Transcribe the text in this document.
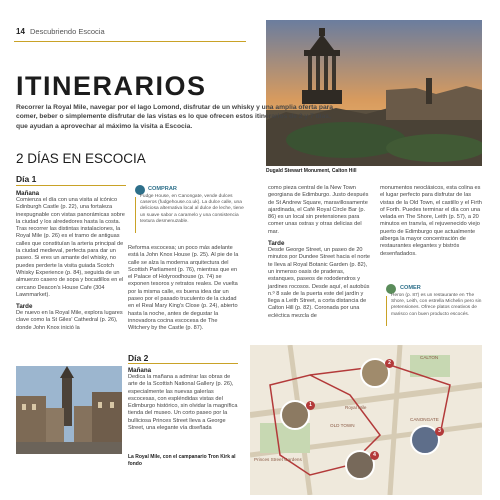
14 Descubriendo Escocia
Dugald Stewart Monument, Calton Hill
ITINERARIOS
Recorrer la Royal Mile, navegar por el lago Lomond, disfrutar de un whisky y una amplia oferta para comer, beber o simplemente disfrutar de las vistas es lo que ofrecen estos itinerarios de 2 y 7 días, que ayudan a aprovechar al máximo la visita a Escocia.
2 DÍAS EN ESCOCIA
Día 1
Mañana
Comienza el día con una visita al icónico Edinburgh Castle (p. 22), una fortaleza inexpugnable con vistas panorámicas sobre la ciudad y los alrededores hasta la costa. Tras recorrer las distintas instalaciones, la Royal Mile (p. 26) es el tramo de antiguas calles que constituían la arteria principal de la ciudad medieval, perfecta para dar un paseo. Si eres un amante del whisky, no puedes perderte la visita guiada Scotch Whisky Experience (p. 84), seguida de un almuerzo casero de sopa y bocadillos en el cercano Deacon's House Cafe (304 Lawnmarket).
Tarde
De nuevo en la Royal Mile, explora lugares clave como la St Giles' Cathedral (p. 26), donde John Knox inició la
COMPRAR
Fudge House, en Canongate, vende dulces caseros (fudgehouse.co.uk). La dulce calle, una deliciosa alternativa local al dulce de leche, tiene un suave sabor a caramelo y una consistencia textura desmenuzable.
Reforma escocesa; un poco más adelante está la John Knox House (p. 25). Al pie de la calle se alza la moderna arquitectura del Scottish Parliament (p. 76), mientras que en el Palace of Holyroodhouse (p. 74) se exponen tesoros y retratos reales. De vuelta por la misma calle, es buena idea dar un paseo por el pasado truculento de la ciudad en el Real Mary King's Close (p. 24), abierto hasta la noche, antes de degustar la innovadora cocina escocesa de The Witchery by the Castle (p. 87).
Día 2
Mañana
Dedica la mañana a admirar las obras de arte de la Scottish National Gallery (p. 26), especialmente las nuevas galerías escocesas, con espléndidas vistas del Edimburgo histórico, sin olvidar la magnífica tienda del museo. Un corto paseo por la bulliciosa Princes Street lleva a George Street, una elegante vía diseñada
como pieza central de la New Town georgiana de Edimburgo. Justo después de St Andrew Square, maravillosamente ajardinada, el Café Royal Circle Bar (p. 86) es un local sin pretensiones para comer unas ostras y otras delicias del mar.
Tarde
Desde George Street, un paseo de 20 minutos por Dundee Street hacia el norte te lleva al Royal Botanic Garden (p. 82), un inmenso oasis de praderas, estanques, paseos de rododendros y jardines rocosos. Desde aquí, el autobús n.º 8 sale de la puerta este del jardín y llega a Leith Street, a corta distancia de Calton Hill (p. 82). Coronada por una ecléctica mezcla de
monumentos neoclásicos, esta colina es el lugar perfecto para disfrutar de las vistas de la Old Town, el castillo y el Firth of Forth. Puedes terminar el día con una velada en The Shore, Leith (p. 57), a 20 minutos en tranvía, el rejuvenecido viejo puerto de Edimburgo que actualmente alberga la mayor concentración de restaurantes elegantes y bistrós desenfadados.
COMER
Heron (p. 87) es un restaurante en The Shore, Leith, con estrella Michelin pero sin pretensiones. Ofrece platos creativos de marisco con buen producto escocés.
La Royal Mile, con el campanario Tron Kirk al fondo
CALTON
CANONGATE
OLD TOWN
Princes Street Gardens
Royal Mile
1
2
3
4
